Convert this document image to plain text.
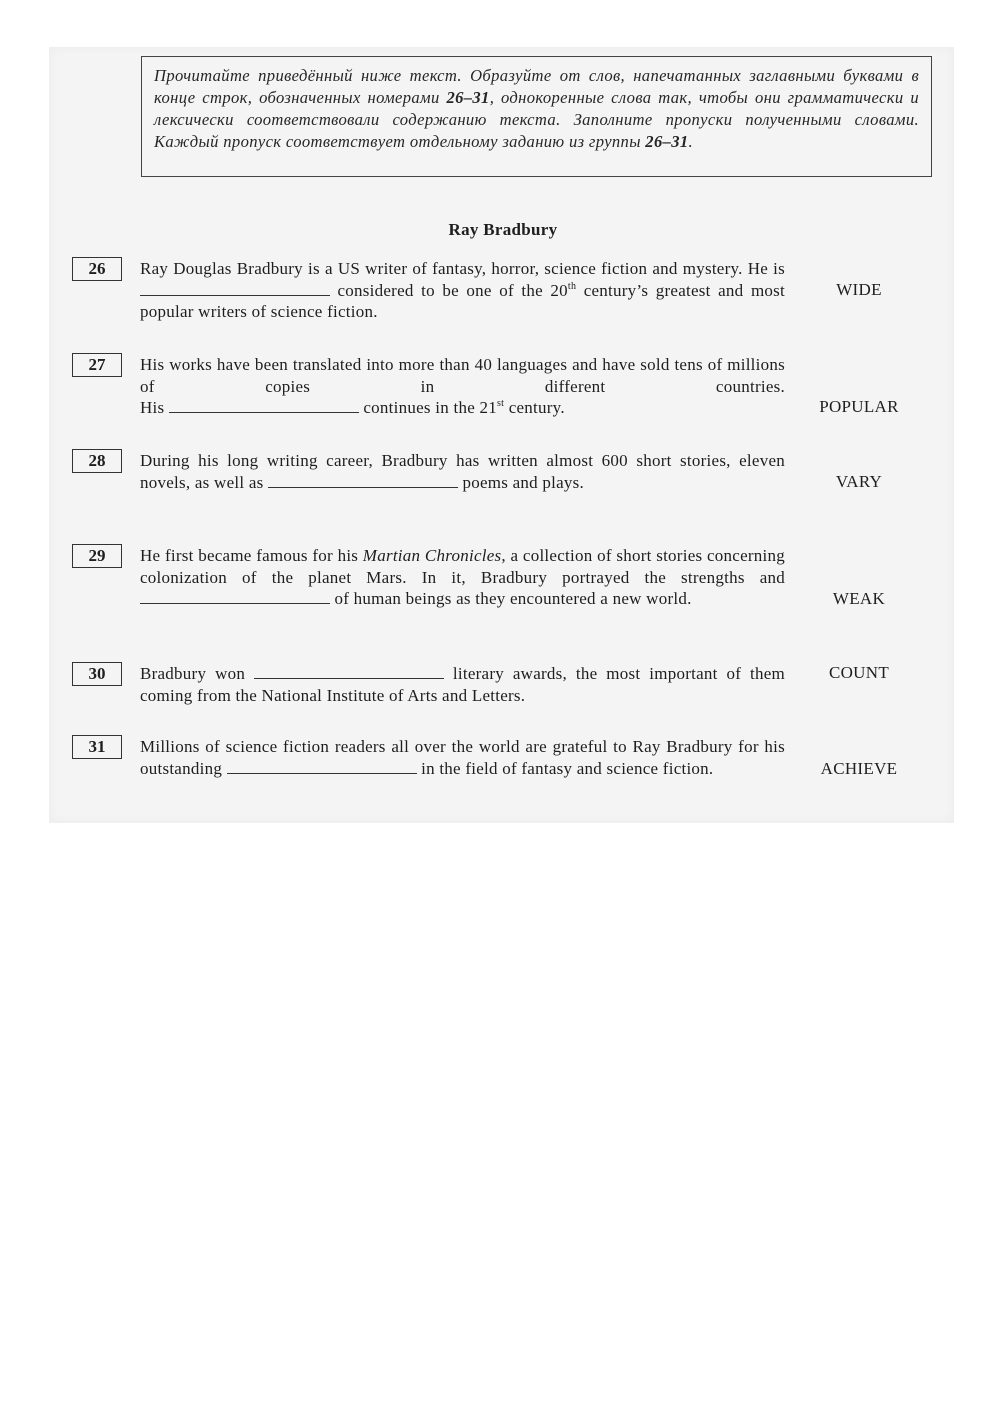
Прочитайте приведённый ниже текст. Образуйте от слов, напечатанных заглавными буквами в конце строк, обозначенных номерами 26–31, однокоренные слова так, чтобы они грамматически и лексически соответствовали содержанию текста. Заполните пропуски полученными словами. Каждый пропуск соответствует отдельному заданию из группы 26–31.
Ray Bradbury
26	Ray Douglas Bradbury is a US writer of fantasy, horror, science fiction and mystery. He is  considered to be one of the 20th century’s greatest and most popular writers of science fiction.
WIDE
27	His works have been translated into more than 40 languages and have sold tens of millions of copies in different countries.
His	continues in the 21st century.	POPULAR
28	During his long writing career, Bradbury has written almost 600 short stories, eleven novels, as well as	poems and plays.	VARY
29	He first became famous for his Martian Chronicles, a collection of short stories concerning colonization of the planet Mars. In it, Bradbury portrayed the strengths and  of human beings as they encountered a new world.	WEAK
30	Bradbury won	literary awards, the most important of them coming from the National Institute of Arts and Letters.
COUNT
31	Millions of science fiction readers all over the world are grateful to Ray Bradbury for his outstanding	in the field of fantasy and science fiction.	ACHIEVE
